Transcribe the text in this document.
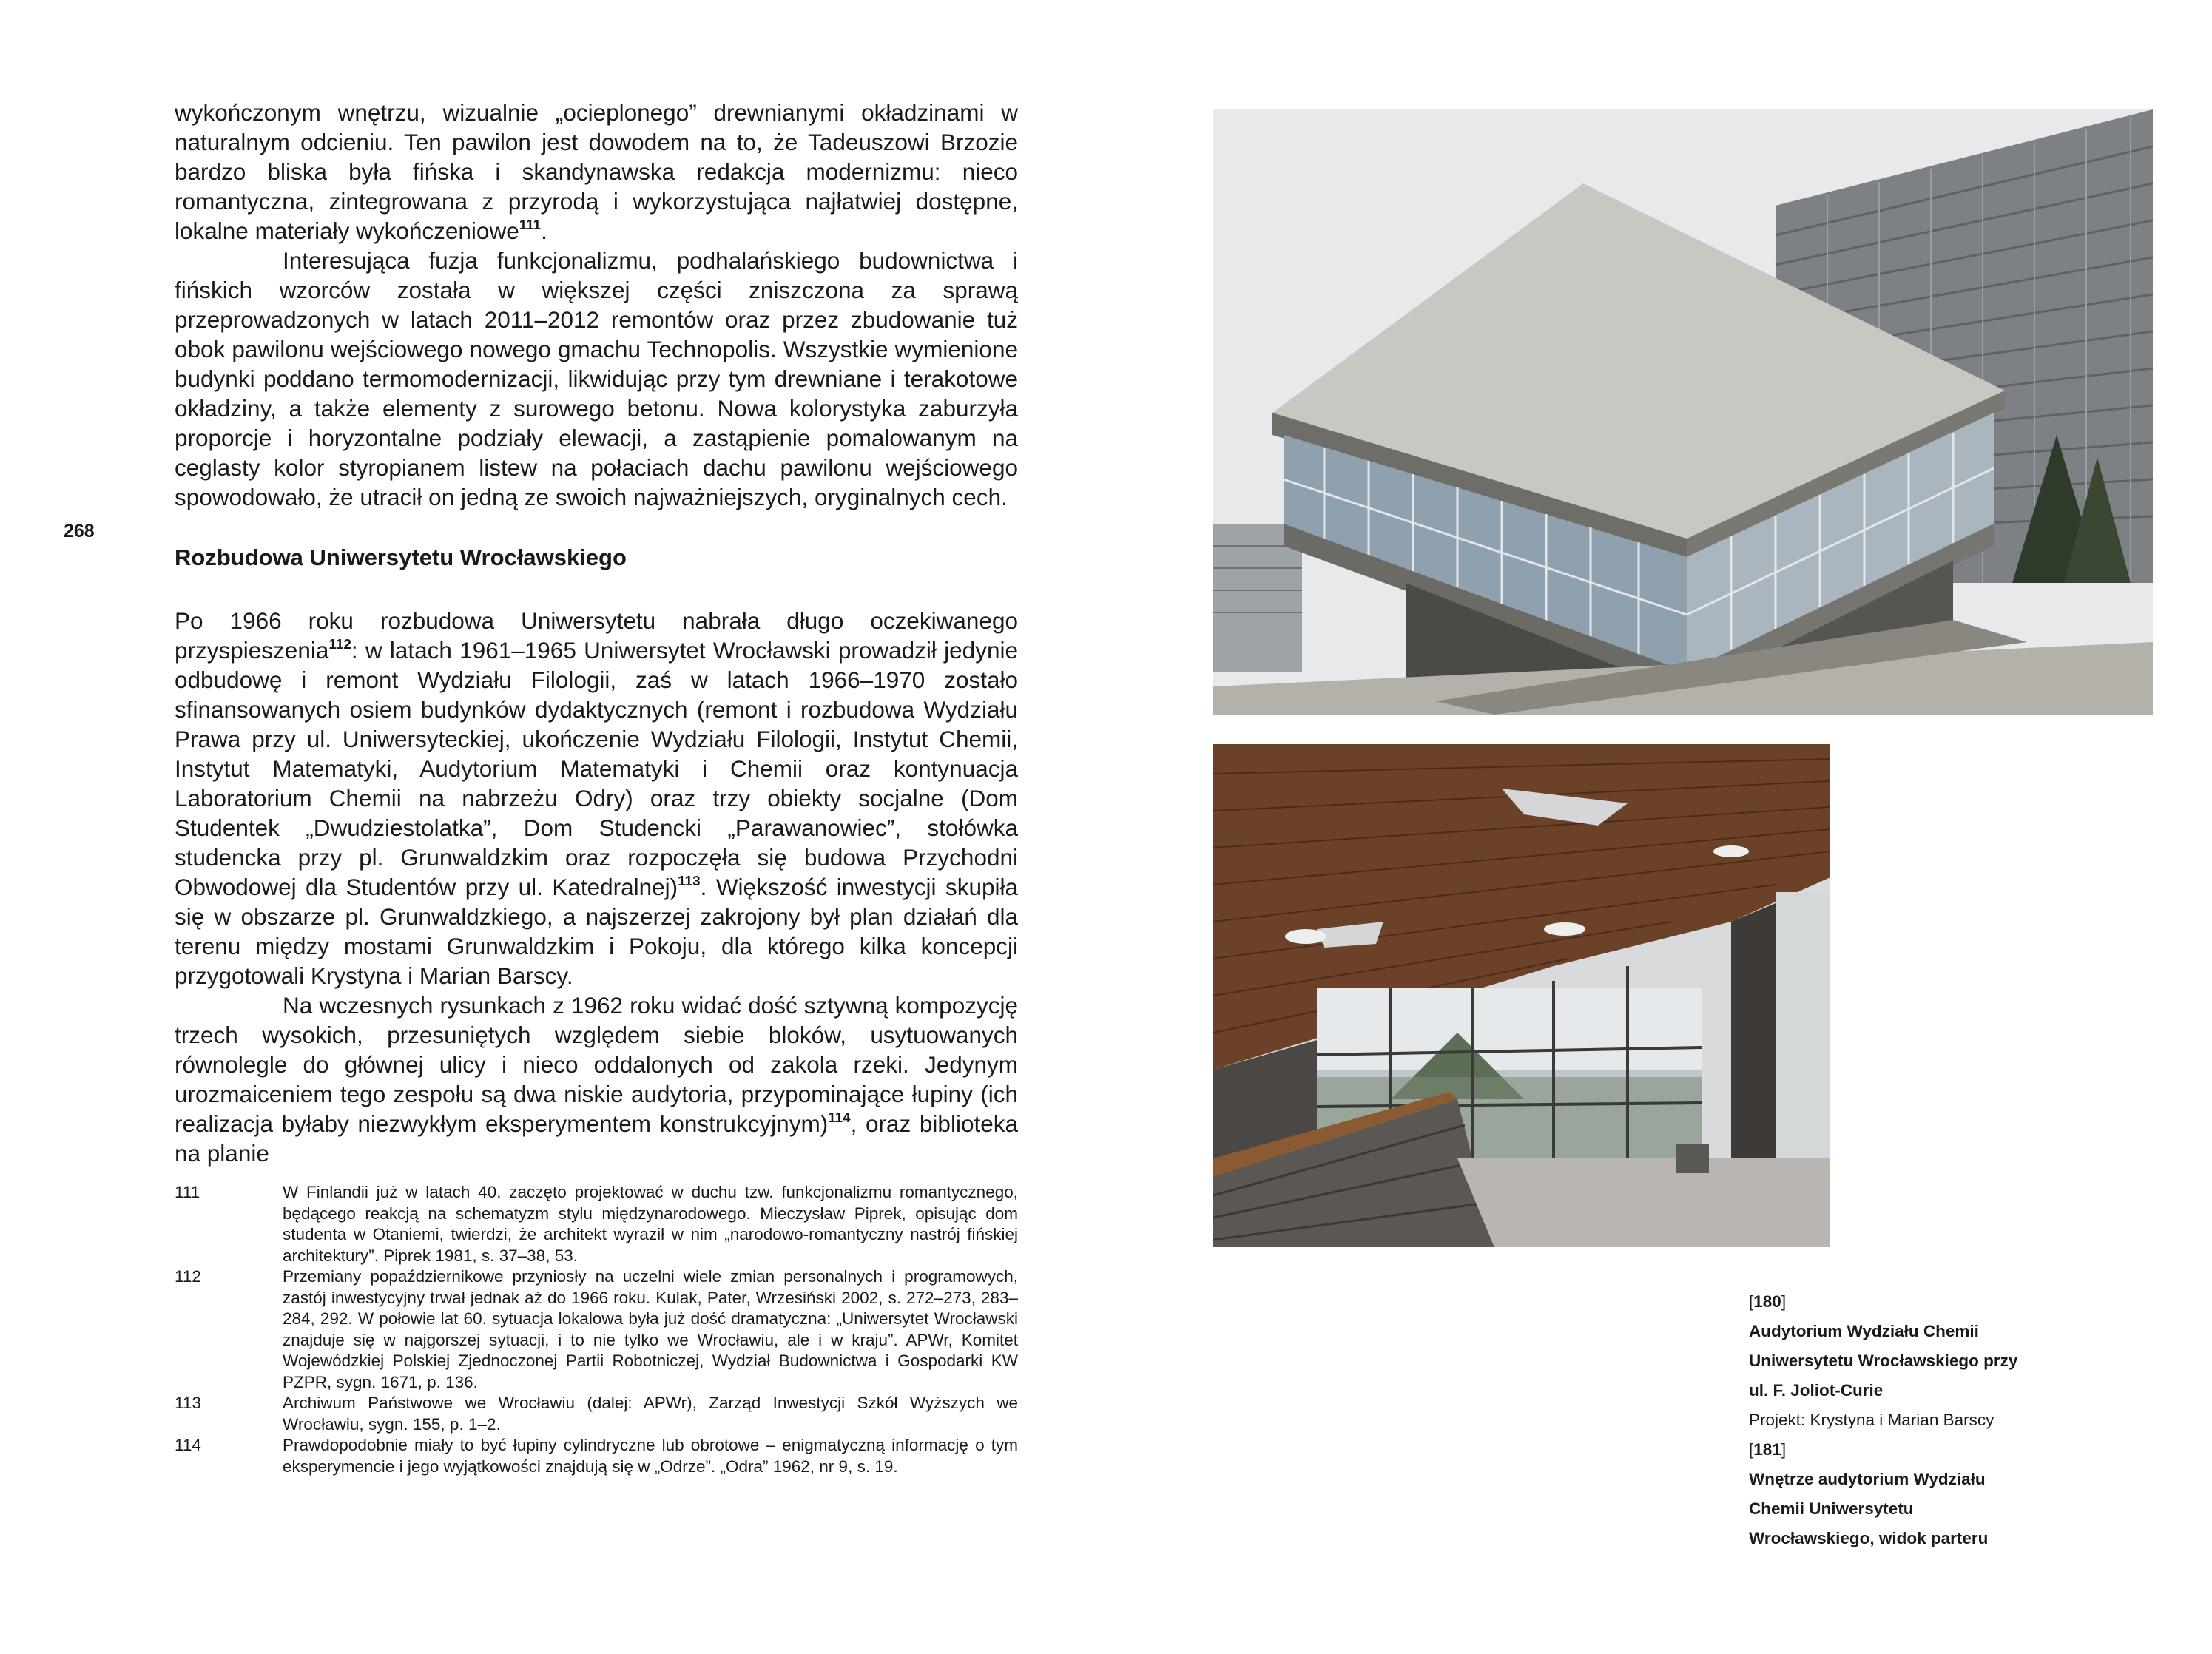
268

wykończonym wnętrzu, wizualnie „ocieplonego” drewnianymi okładzinami w naturalnym odcieniu. Ten pawilon jest dowodem na to, że Tadeuszowi Brzozie bardzo bliska była fińska i skandynawska redakcja modernizmu: nieco romantyczna, zintegrowana z przyrodą i wykorzystująca najłatwiej dostępne, lokalne materiały wykończeniowe$^{111}$.

Interesująca fuzja funkcjonalizmu, podhalańskiego budownictwa i fińskich wzorców została w większej części zniszczona za sprawą przeprowadzonych w latach 2011–2012 remontów oraz przez zbudowanie tuż obok pawilonu wejściowego nowego gmachu Technopolis. Wszystkie wymienione budynki poddano termomodernizacji, likwidując przy tym drewniane i terakotowe okładziny, a także elementy z surowego betonu. Nowa kolorystyka zaburzyła proporcje i horyzontalne podziały elewacji, a zastąpienie pomalowanym na ceglasty kolor styropianem listew na połaciach dachu pawilonu wejściowego spowodowało, że utracił on jedną ze swoich najważniejszych, oryginalnych cech.

Rozbudowa Uniwersytetu Wrocławskiego

Po 1966 roku rozbudowa Uniwersytetu nabrała długo oczekiwanego przyspieszenia$^{112}$: w latach 1961–1965 Uniwersytet Wrocławski prowadził jedynie odbudowę i remont Wydziału Filologii, zaś w latach 1966–1970 zostało sfinansowanych osiem budynków dydaktycznych (remont i rozbudowa Wydziału Prawa przy ul. Uniwersyteckiej, ukończenie Wydziału Filologii, Instytut Chemii, Instytut Matematyki, Audytorium Matematyki i Chemii oraz kontynuacja Laboratorium Chemii na nabrzeżu Odry) oraz trzy obiekty socjalne (Dom Studentek „Dwudziestolatka”, Dom Studencki „Parawanowiec”, stołówka studencka przy pl. Grunwaldzkim oraz rozpoczęła się budowa Przychodni Obwodowej dla Studentów przy ul. Katedralnej)$^{113}$. Większość inwestycji skupiła się w obszarze pl. Grunwaldzkiego, a najszerzej zakrojony był plan działań dla terenu między mostami Grunwaldzkim i Pokoju, dla którego kilka koncepcji przygotowali Krystyna i Marian Barscy.

Na wczesnych rysunkach z 1962 roku widać dość sztywną kompozycję trzech wysokich, przesuniętych względem siebie bloków, usytuowanych równolegle do głównej ulicy i nieco oddalonych od zakola rzeki. Jedynym urozmaiceniem tego zespołu są dwa niskie audytoria, przypominające łupiny (ich realizacja byłaby niezwykłym eksperymentem konstrukcyjnym)$^{114}$, oraz biblioteka na planie

111	W Finlandii już w latach 40. zaczęto projektować w duchu tzw. funkcjonalizmu romantycznego, będącego reakcją na schematyzm stylu międzynarodowego. Mieczysław Piprek, opisując dom studenta w Otaniemi, twierdzi, że architekt wyraził w nim „narodowo-romantyczny nastrój fińskiej architektury”. Piprek 1981, s. 37–38, 53.
112	Przemiany popaździernikowe przyniosły na uczelni wiele zmian personalnych i programowych, zastój inwestycyjny trwał jednak aż do 1966 roku. Kulak, Pater, Wrzesiński 2002, s. 272–273, 283–284, 292. W połowie lat 60. sytuacja lokalowa była już dość dramatyczna: „Uniwersytet Wrocławski znajduje się w najgorszej sytuacji, i to nie tylko we Wrocławiu, ale i w kraju”. APWr, Komitet Wojewódzkiej Polskiej Zjednoczonej Partii Robotniczej, Wydział Budownictwa i Gospodarki KW PZPR, sygn. 1671, p. 136.
113	Archiwum Państwowe we Wrocławiu (dalej: APWr), Zarząd Inwestycji Szkół Wyższych we Wrocławiu, sygn. 155, p. 1–2.
114	Prawdopodobnie miały to być łupiny cylindryczne lub obrotowe – enigmatyczną informację o tym eksperymencie i jego wyjątkowości znajdują się w „Odrze”. „Odra” 1962, nr 9, s. 19.
[180]
Audytorium Wydziału Chemii Uniwersytetu Wrocławskiego przy ul. F. Joliot-Curie
Projekt: Krystyna i Marian Barscy
[181]
Wnętrze audytorium Wydziału Chemii Uniwersytetu Wrocławskiego, widok parteru
